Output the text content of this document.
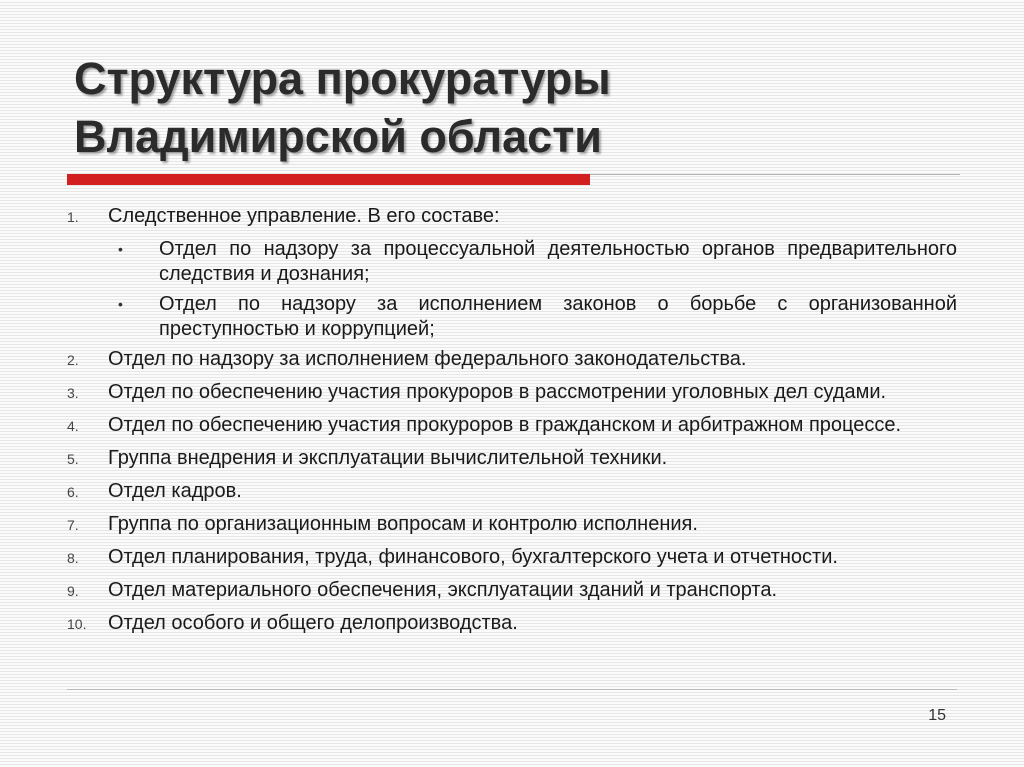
Структура прокуратуры
Владимирской области
1.	Следственное управление. В его составе:
•	Отдел по надзору за процессуальной деятельностью органов предварительного следствия и дознания;
•	Отдел по надзору за исполнением законов о борьбе с организованной преступностью и коррупцией;
2.	Отдел по надзору за исполнением федерального законодательства.
3.	Отдел по обеспечению участия прокуроров в рассмотрении уголовных дел судами.
4.	Отдел по обеспечению участия прокуроров в гражданском и арбитражном процессе.
5.	Группа внедрения и эксплуатации вычислительной техники.
6.	Отдел кадров.
7.	Группа по организационным вопросам и контролю исполнения.
8.	Отдел планирования, труда, финансового, бухгалтерского учета и отчетности.
9.	Отдел материального обеспечения, эксплуатации зданий и транспорта.
10.	Отдел особого и общего делопроизводства.
15
